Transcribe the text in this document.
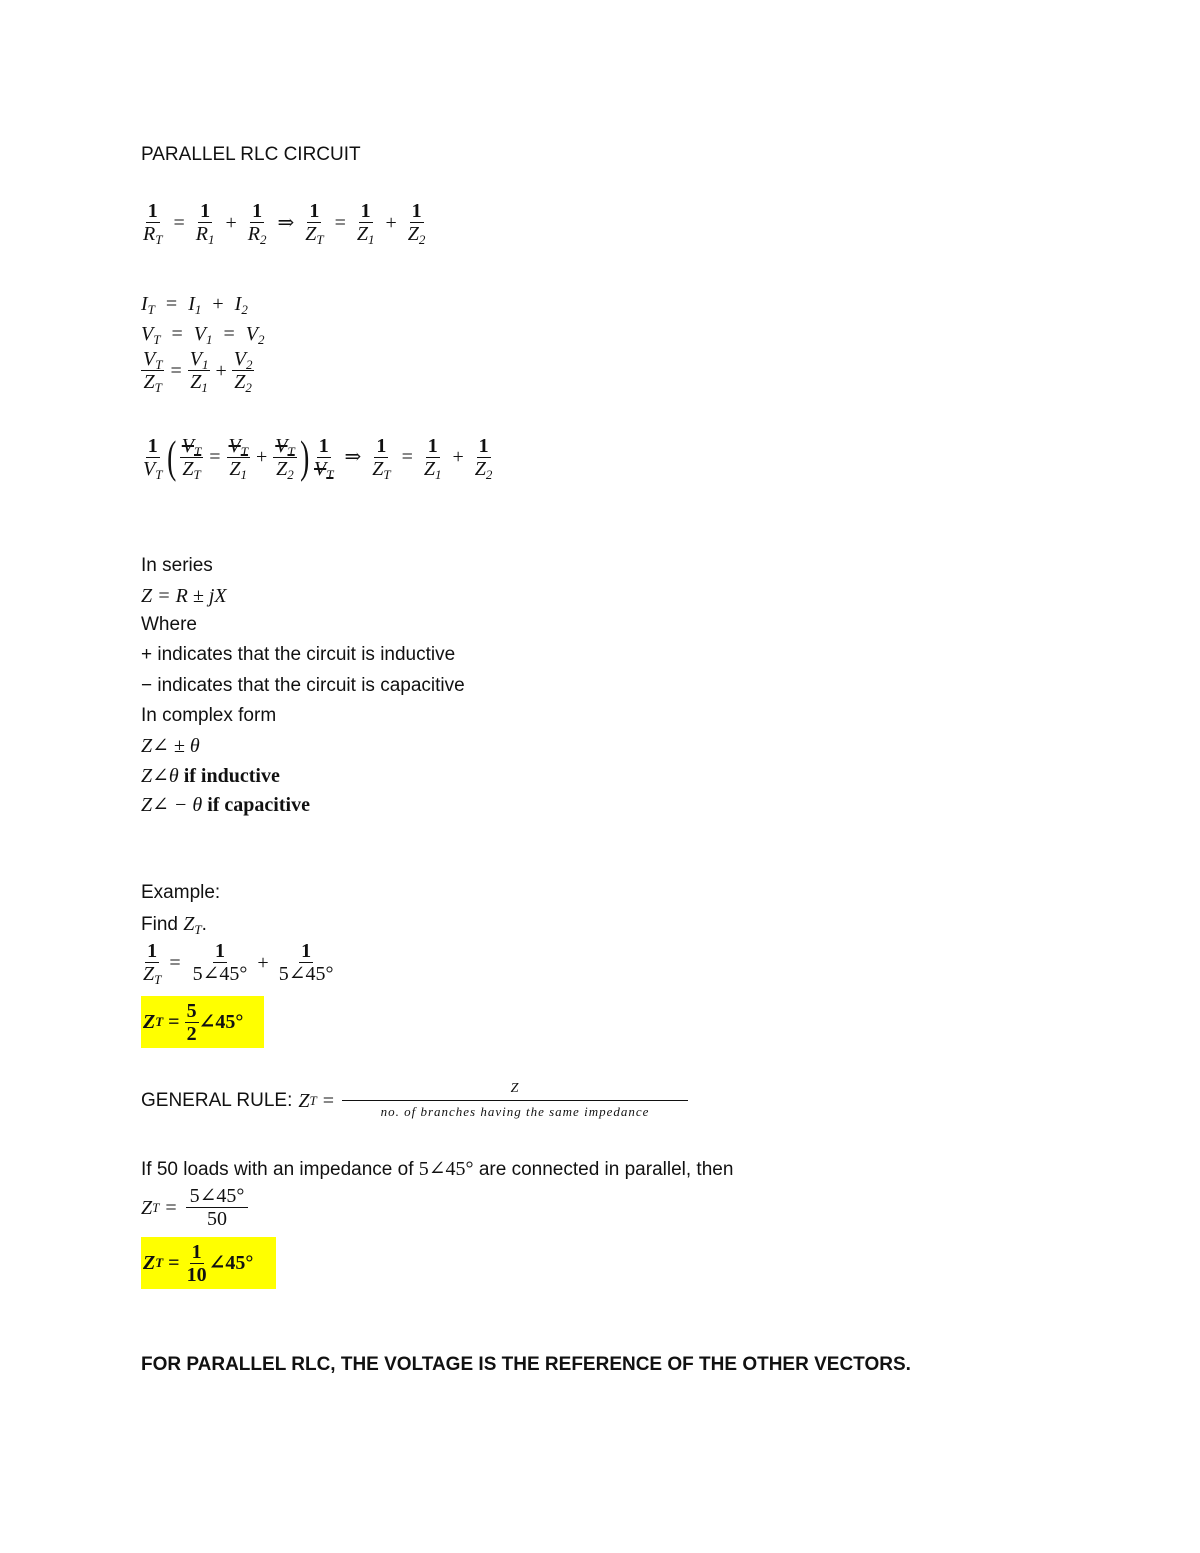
PARALLEL RLC CIRCUIT
$\frac{1}{R_T} = \frac{1}{R_1} + \frac{1}{R_2}$ ⇒ $\frac{1}{Z_T} = \frac{1}{Z_1} + \frac{1}{Z_2}$
$I_T = I_1 + I_2$
$V_T = V_1 = V_2$
$\frac{V_T}{Z_T} = \frac{V_1}{Z_1} + \frac{V_2}{Z_2}$
$\frac{1}{V_T}$ ( $\frac{V_T}{Z_T} = \frac{V_T}{Z_1} + \frac{V_T}{Z_2}$ ) $\frac{1}{V_T}$ ⇒ $\frac{1}{Z_T} = \frac{1}{Z_1} + \frac{1}{Z_2}$
In series
Z = R ± jX
Where
+ indicates that the circuit is inductive
− indicates that the circuit is capacitive
In complex form
Z∠ ± θ
Z∠θ if inductive
Z∠ − θ if capacitive
Example:
Find $Z_T$.
$\frac{1}{Z_T} = \frac{1}{5\angle 45^\circ} + \frac{1}{5\angle 45^\circ}$
Z $T = \frac{5}{2}$ ∠45°
GENERAL RULE: Z $T = \frac{Z}{\text{no. of branches having the same impedance}}$
If 50 loads with an impedance of 5∠45° are connected in parallel, then
Z $T = \frac{5\angle 45^\circ}{50}$
Z $T = \frac{1}{10}$ ∠45°
FOR PARALLEL RLC, THE VOLTAGE IS THE REFERENCE OF THE OTHER VECTORS.
